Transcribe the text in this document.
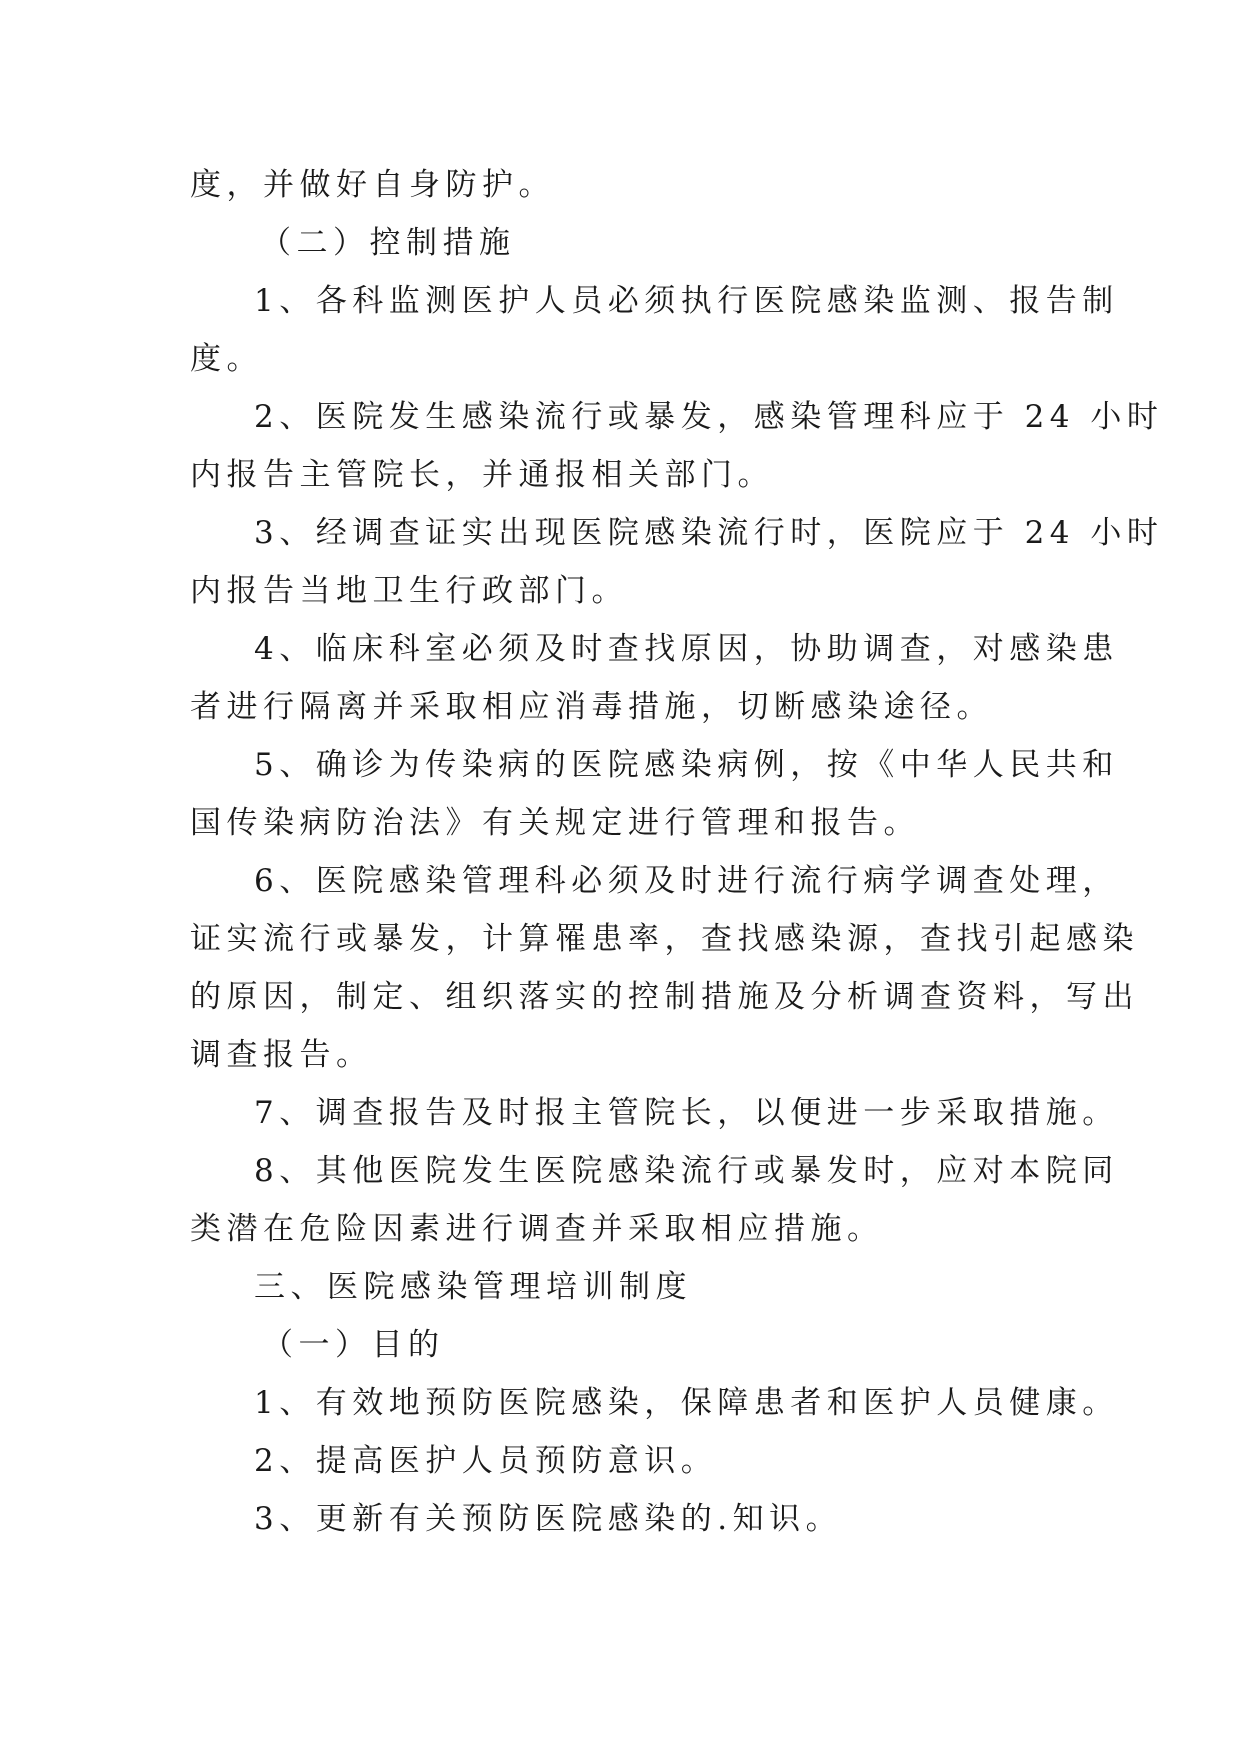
度，并做好自身防护。

（二）控制措施

1、各科监测医护人员必须执行医院感染监测、报告制

度。

2、医院发生感染流行或暴发，感染管理科应于 24 小时

内报告主管院长，并通报相关部门。

3、经调查证实出现医院感染流行时，医院应于 24 小时

内报告当地卫生行政部门。

4、临床科室必须及时查找原因，协助调查，对感染患

者进行隔离并采取相应消毒措施，切断感染途径。

5、确诊为传染病的医院感染病例，按《中华人民共和

国传染病防治法》有关规定进行管理和报告。

6、医院感染管理科必须及时进行流行病学调查处理，

证实流行或暴发，计算罹患率，查找感染源，查找引起感染

的原因，制定、组织落实的控制措施及分析调查资料，写出

调查报告。

7、调查报告及时报主管院长，以便进一步采取措施。

8、其他医院发生医院感染流行或暴发时，应对本院同

类潜在危险因素进行调查并采取相应措施。

三、医院感染管理培训制度

（一）目的

1、有效地预防医院感染，保障患者和医护人员健康。

2、提高医护人员预防意识。

3、更新有关预防医院感染的.知识。
